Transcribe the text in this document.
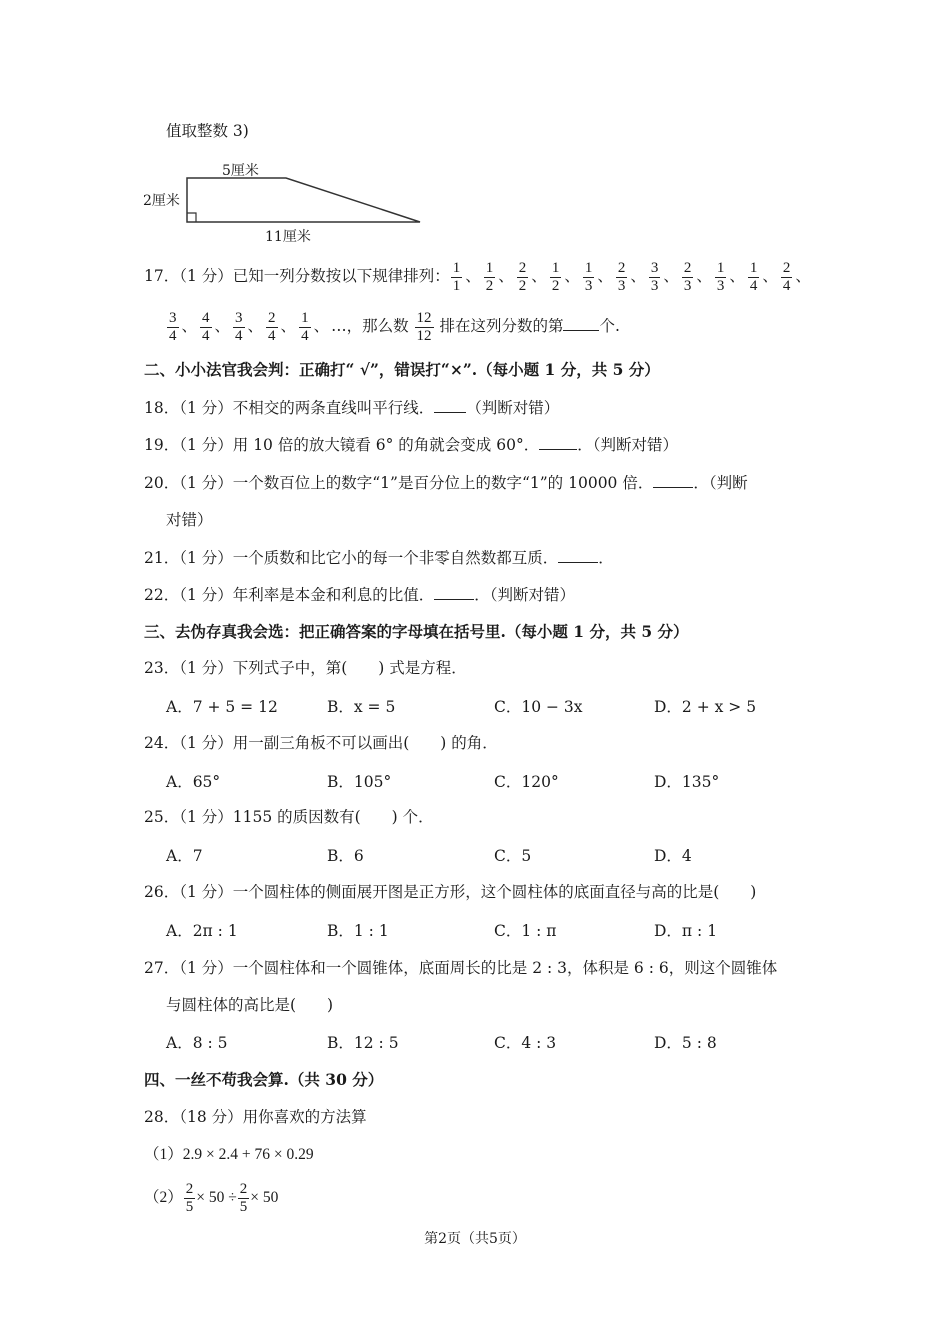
值取整数 3)
5厘米
2厘米
11厘米
17．（1 分）已知一列分数按以下规律排列： $\frac{1}{1}$ 、 $\frac{1}{2}$ 、 $\frac{2}{2}$ 、 $\frac{1}{2}$ 、 $\frac{1}{3}$ 、 $\frac{2}{3}$ 、 $\frac{3}{3}$ 、 $\frac{2}{3}$ 、 $\frac{1}{3}$ 、 $\frac{1}{4}$ 、 $\frac{2}{4}$ 、
$\frac{3}{4}$ 、 $\frac{4}{4}$ 、 $\frac{3}{4}$ 、 $\frac{2}{4}$ 、 $\frac{1}{4}$ 、 …，那么数 $\frac{12}{12}$ 排在这列分数的第 个.
二、小小法官我会判：正确打“ √”，错误打“×”.（每小题 1 分，共 5 分）
18．（1 分）不相交的两条直线叫平行线． （判断对错）
19．（1 分）用 10 倍的放大镜看 6° 的角就会变成 60°． ．（判断对错）
20．（1 分）一个数百位上的数字“1”是百分位上的数字“1”的 10000 倍．	．（判断
对错）
21．（1 分）一个质数和比它小的每一个非零自然数都互质．	．
22．（1 分）年利率是本金和利息的比值．	．（判断对错）
三、去伪存真我会选：把正确答案的字母填在括号里.（每小题 1 分，共 5 分）
23．（1 分）下列式子中，第(　　) 式是方程．
A．7 + 5 = 12	B．x = 5	C．10 − 3x	D．2 + x > 5
24．（1 分）用一副三角板不可以画出(　　) 的角．
A．65°	B．105°	C．120°	D．135°
25．（1 分）1155 的质因数有(　　) 个．
A．7	B．6	C．5	D．4
26．（1 分）一个圆柱体的侧面展开图是正方形，这个圆柱体的底面直径与高的比是(　　)
A．2π : 1	B．1 : 1	C．1 : π	D．π : 1
27．（1 分）一个圆柱体和一个圆锥体，底面周长的比是 2 : 3，体积是 6 : 6，则这个圆锥体
与圆柱体的高比是(　　)
A．8 : 5	B．12 : 5	C．4 : 3	D．5 : 8
四、一丝不苟我会算.（共 30 分）
28．（18 分）用你喜欢的方法算
（1）2.9 × 2.4 + 76 × 0.29
$(2) \frac{2}{5} \times 50 \div \frac{2}{5} \times 50$
第2页（共5页）
